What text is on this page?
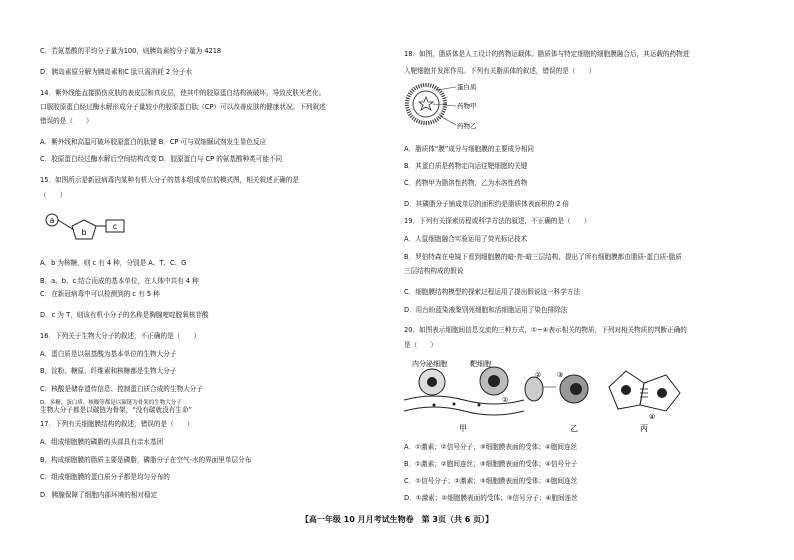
C．若氨基酸的平均分子量为100，则胰岛素的分子量为 4218
D．胰岛素原分解为胰岛素和C 肽只需消耗 2 分子水
14．紫外线能直接损伤皮肤的表皮层和真皮层，使其中的胶原蛋白结构被破坏，导致皮肤光老化。
口服胶原蛋白经过酶水解形成分子量较小的胶原蛋白肽（CP）可以改善皮肤的健康状况。下列叙述
错误的是（　　）
A．紫外线和高温可破坏胶原蛋白的肽键 B．CP 可与双缩脲试剂发生显色反应
C．胶原蛋白经过酶水解后空间结构改变 D．胶原蛋白与 CP 的氨基酸种类可能不同
15．如图所示是新冠病毒内某种有机大分子的基本组成单位的模式图，相关叙述正确的是
（　　）
a
b
c
A．b 为核糖，则 c 有 4 种，分别是 A、T、C、G
B．a、b、c 结合而成的基本单位，在人体中共有 4 种
C．在新冠病毒中可以检测到的 c 有 5 种
D．c 为 T，则该有机小分子的名称是胸腺嘧啶脱氧核苷酸
16．下列关于生物大分子的叙述，不正确的是（　　）
A．蛋白质是以氨基酸为基本单位的生物大分子
B．淀粉、糖原、纤维素和核糖都是生物大分子
C．核酸是储存遗传信息、控制蛋白质合成的生物大分子
D．多糖、蛋白质、核酸等都是以碳链为骨架的生物大分子
生物大分子都是以碳链为骨架，“没有碳就没有生命”
17．下列有关细胞膜结构的叙述，错误的是（　　）
A．组成细胞膜的磷脂的头部具有亲水基团
B．构成细胞膜的脂质主要是磷脂，磷脂分子在空气-水的界面里单层分布
C．组成细胞膜的蛋白质分子都是均匀分布的
D．胰腺保障了细胞内部环境的相对稳定
18．如图，脂质体是人工设计的药物运载体。脂质体与特定细胞的细胞膜融合后，其运载的药物进
入靶细胞并发挥作用。下列有关脂质体的叙述，错误的是（　　）
蛋白质
药物甲
药物乙
A．脂质体“膜”成分与细胞膜的主要成分相同
B．其蛋白质是药物定向运往靶细胞的关键
C．药物甲为脂溶性药物，乙为水溶性药物
D．其磷脂分子铺成单层的面积约是脂质体表面积的 2 倍
19．下列有关探索历程或科学方法的叙述，不正确的是（　　）
A．人鼠细胞融合实验运用了荧光标记技术
B．罗伯特森在电镜下看到细胞膜的暗-亮-暗三层结构，提出了所有细胞膜都由脂质-蛋白质-脂质
三层结构构成的假说
C．细胞膜结构模型的探索过程运用了提出假说这一科学方法
D．用台盼蓝染液鉴别死细胞和活细胞运用了染色排除法
20．如图表示细胞间信息交流的三种方式，①~④表示相关的物质，下列对相关物质的判断正确的
是（　　）
内分泌细胞	靶细胞
①
甲
② ③
乙
④
丙
A．①激素；②信号分子；③细胞膜表面的受体；④胞间连丝
B．①激素；②胞间连丝；③细胞膜表面的受体；④信号分子
C．①信号分子；②激素；③细胞膜表面的受体；④胞间连丝
D．①激素；②细胞膜表面的受体；③信号分子；④胞间连丝
【高一年级 10 月月考试生物卷　第 3页（共 6 页）】
